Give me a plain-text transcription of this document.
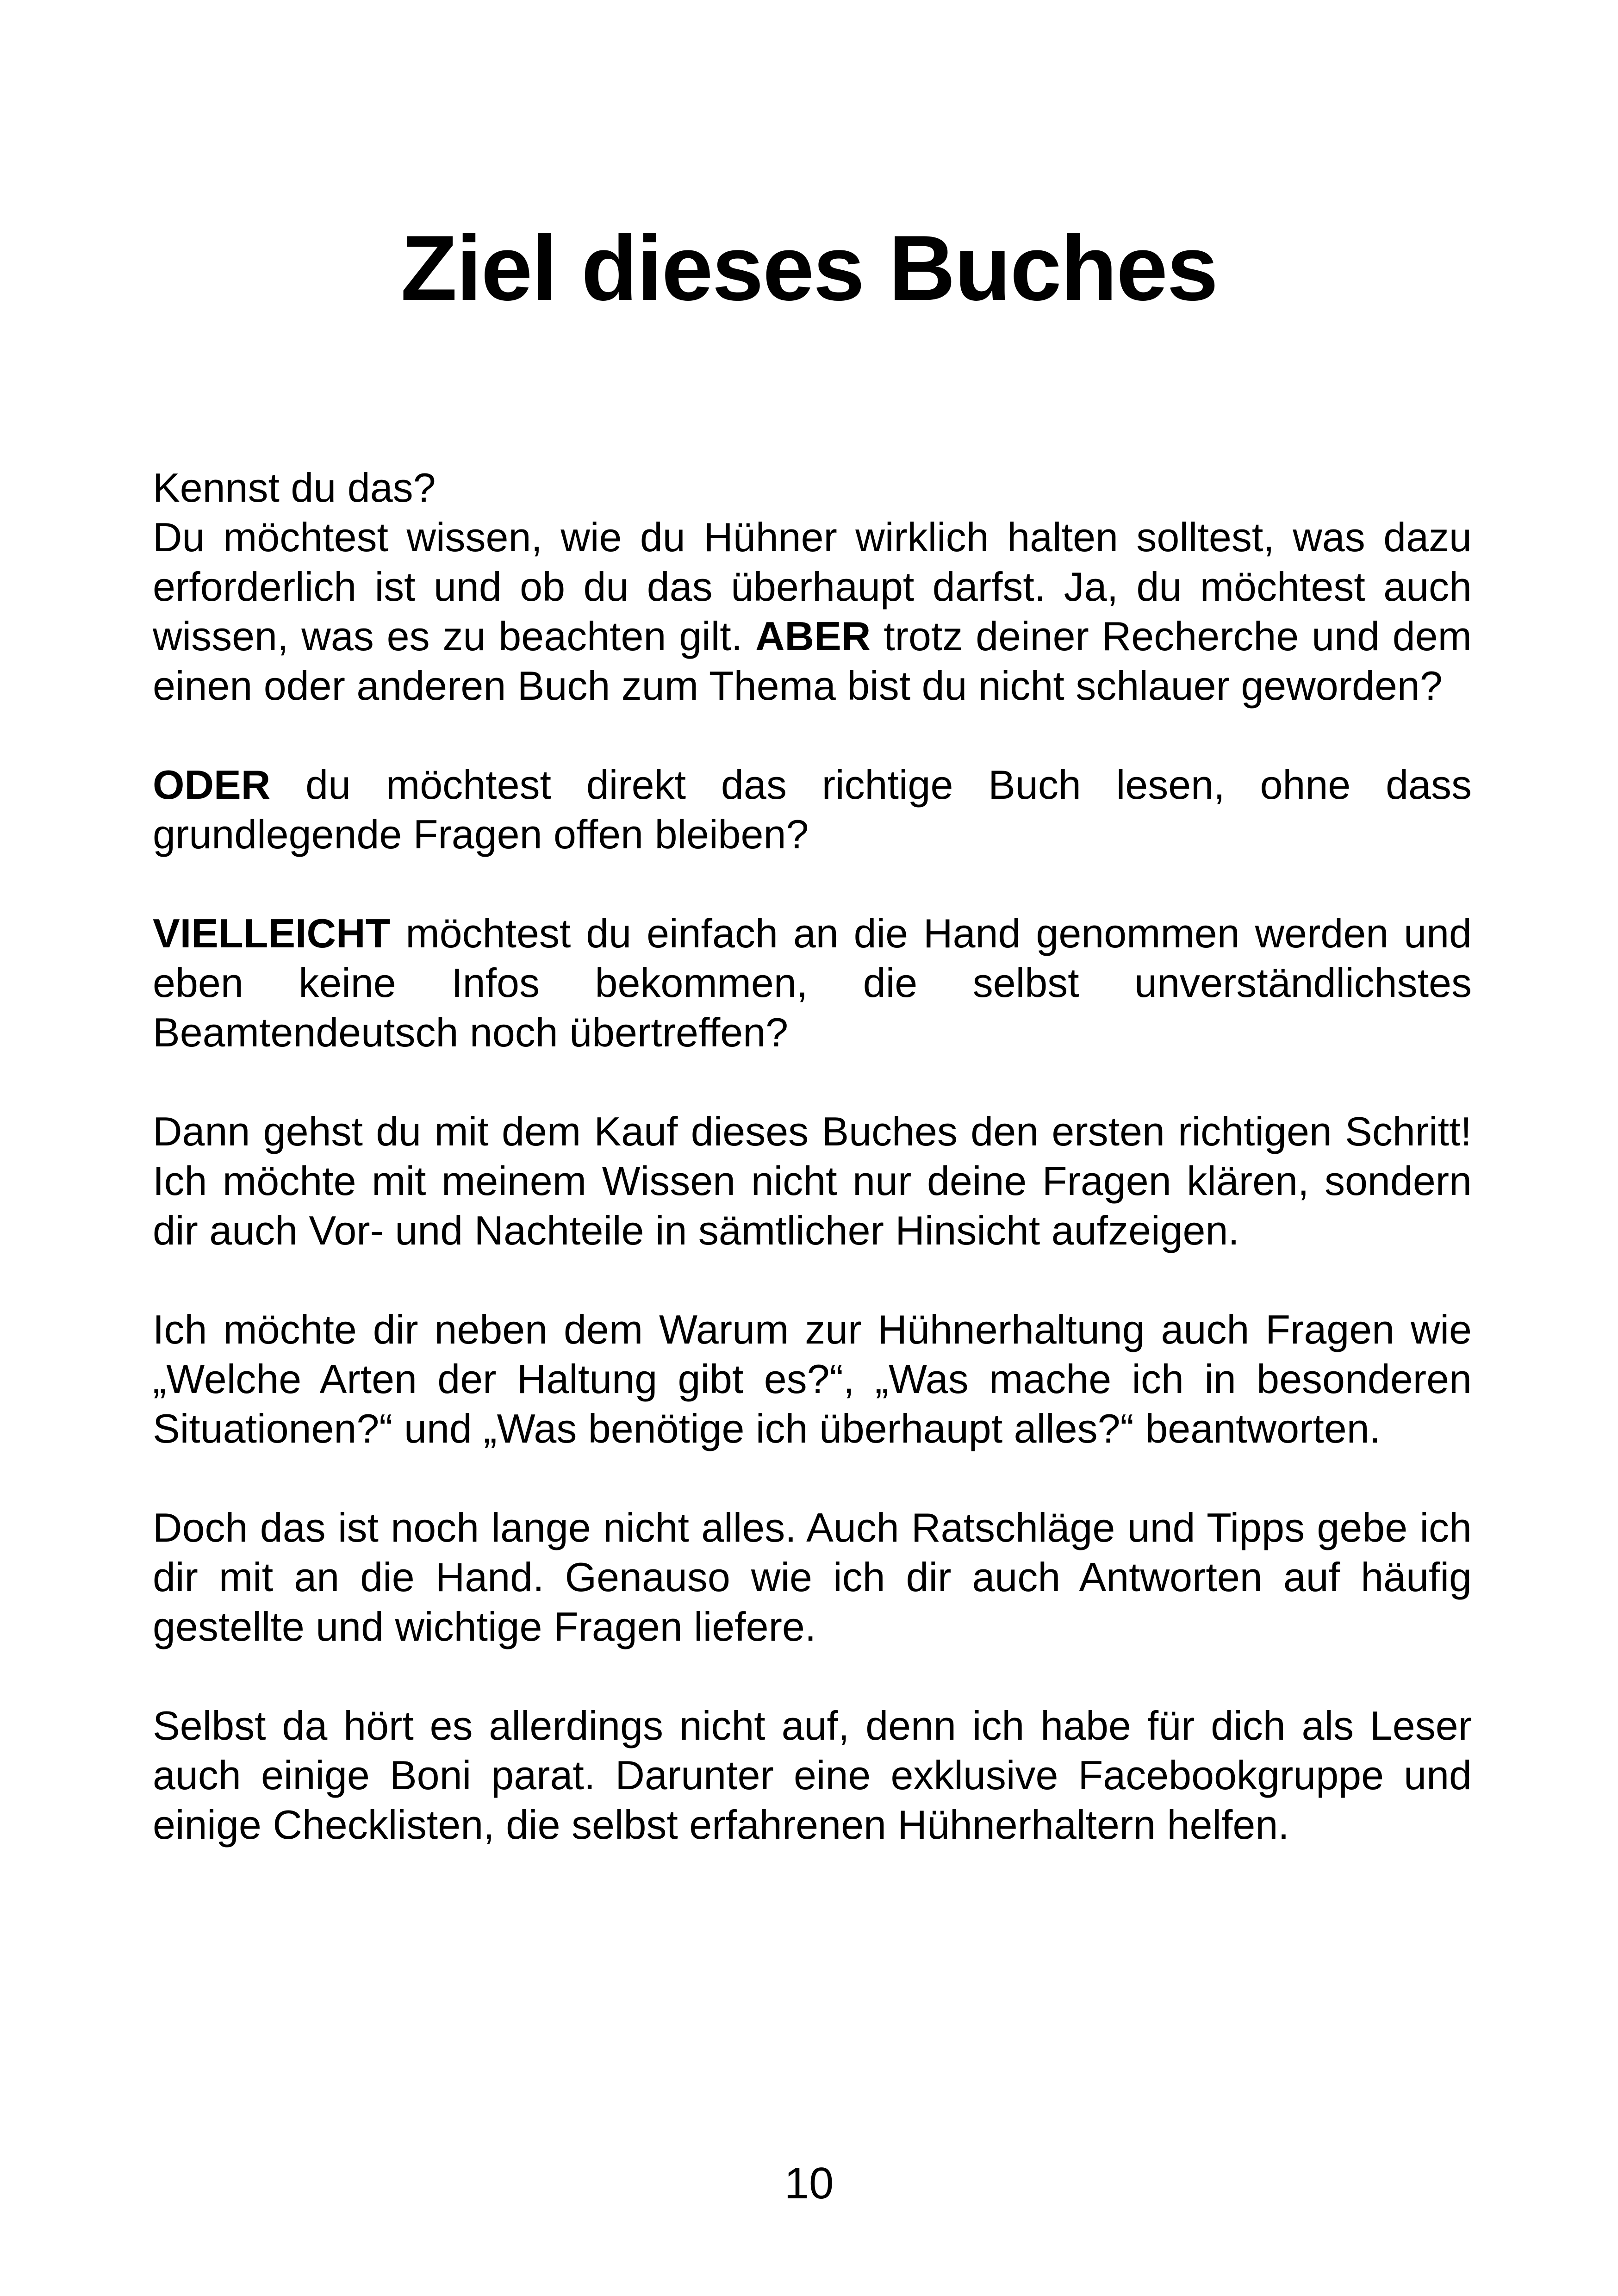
Ziel dieses Buches

Kennst du das?
Du möchtest wissen, wie du Hühner wirklich halten solltest, was dazu erforderlich ist und ob du das überhaupt darfst. Ja, du möchtest auch wissen, was es zu beachten gilt. ABER trotz deiner Recherche und dem einen oder anderen Buch zum Thema bist du nicht schlauer geworden?

ODER du möchtest direkt das richtige Buch lesen, ohne dass grundlegende Fragen offen bleiben?

VIELLEICHT möchtest du einfach an die Hand genommen werden und eben keine Infos bekommen, die selbst unverständlichstes Beamtendeutsch noch übertreffen?

Dann gehst du mit dem Kauf dieses Buches den ersten richtigen Schritt! Ich möchte mit meinem Wissen nicht nur deine Fragen klären, sondern dir auch Vor- und Nachteile in sämtlicher Hinsicht aufzeigen.

Ich möchte dir neben dem Warum zur Hühnerhaltung auch Fragen wie „Welche Arten der Haltung gibt es?“, „Was mache ich in besonderen Situationen?“ und „Was benötige ich überhaupt alles?“ beantworten.

Doch das ist noch lange nicht alles. Auch Ratschläge und Tipps gebe ich dir mit an die Hand. Genauso wie ich dir auch Antworten auf häufig gestellte und wichtige Fragen liefere.

Selbst da hört es allerdings nicht auf, denn ich habe für dich als Leser auch einige Boni parat. Darunter eine exklusive Facebookgruppe und einige Checklisten, die selbst erfahrenen Hühnerhaltern helfen.

10
